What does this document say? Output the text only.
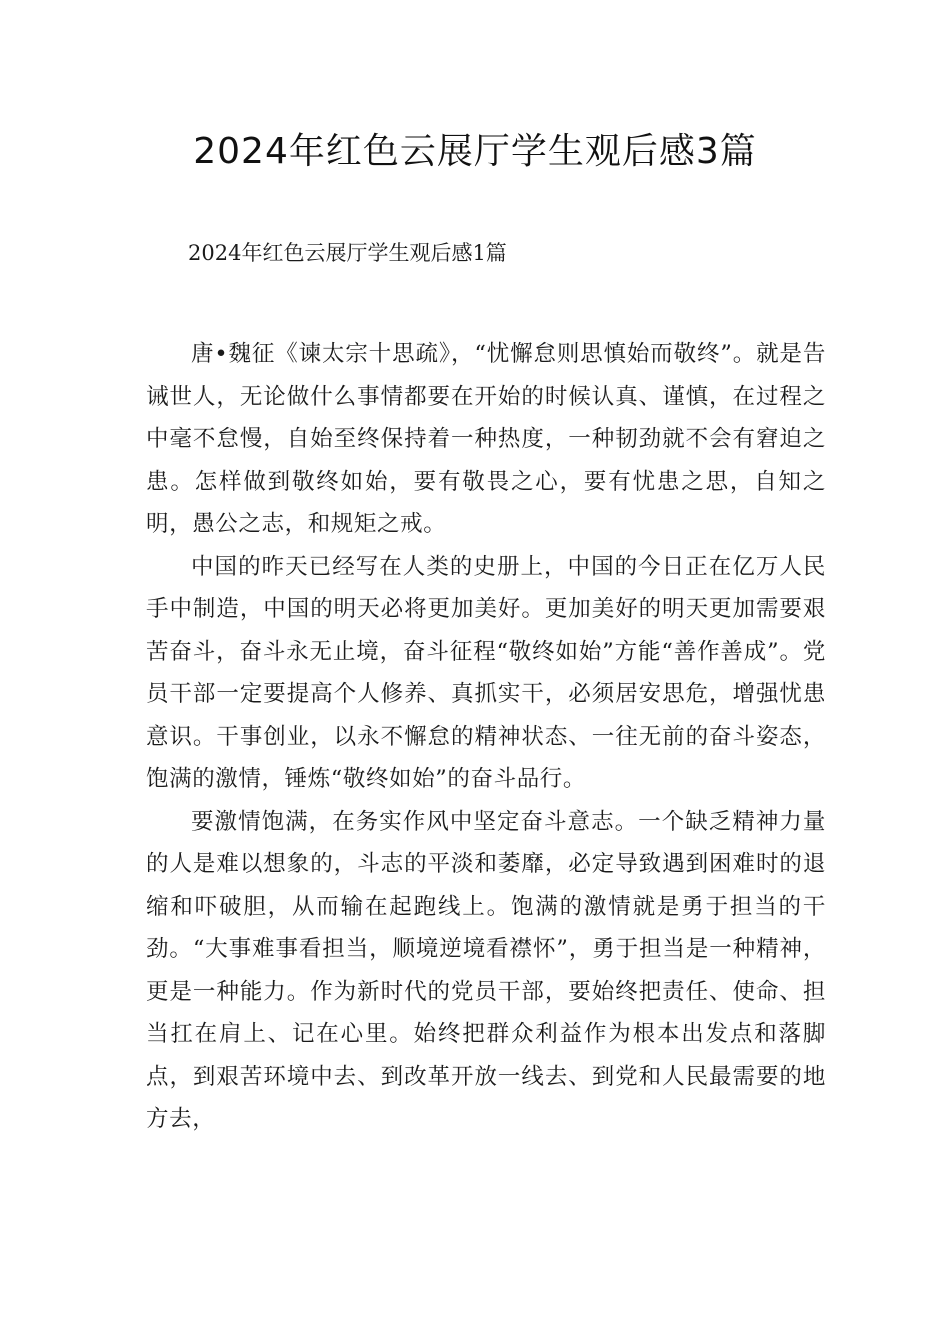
2024年红色云展厅学生观后感3篇

2024年红色云展厅学生观后感1篇

唐•魏征《谏太宗十思疏》，“忧懈怠则思慎始而敬终”。就是告诫世人，无论做什么事情都要在开始的时候认真、谨慎，在过程之中毫不怠慢，自始至终保持着一种热度，一种韧劲就不会有窘迫之患。怎样做到敬终如始，要有敬畏之心，要有忧患之思，自知之明，愚公之志，和规矩之戒。

中国的昨天已经写在人类的史册上，中国的今日正在亿万人民手中制造，中国的明天必将更加美好。更加美好的明天更加需要艰苦奋斗，奋斗永无止境，奋斗征程“敬终如始”方能“善作善成”。党员干部一定要提高个人修养、真抓实干，必须居安思危，增强忧患意识。干事创业，以永不懈怠的精神状态、一往无前的奋斗姿态，饱满的激情，锤炼“敬终如始”的奋斗品行。

要激情饱满，在务实作风中坚定奋斗意志。一个缺乏精神力量的人是难以想象的，斗志的平淡和萎靡，必定导致遇到困难时的退缩和吓破胆，从而输在起跑线上。饱满的激情就是勇于担当的干劲。“大事难事看担当，顺境逆境看襟怀”，勇于担当是一种精神，更是一种能力。作为新时代的党员干部，要始终把责任、使命、担当扛在肩上、记在心里。始终把群众利益作为根本出发点和落脚点，到艰苦环境中去、到改革开放一线去、到党和人民最需要的地方去，
